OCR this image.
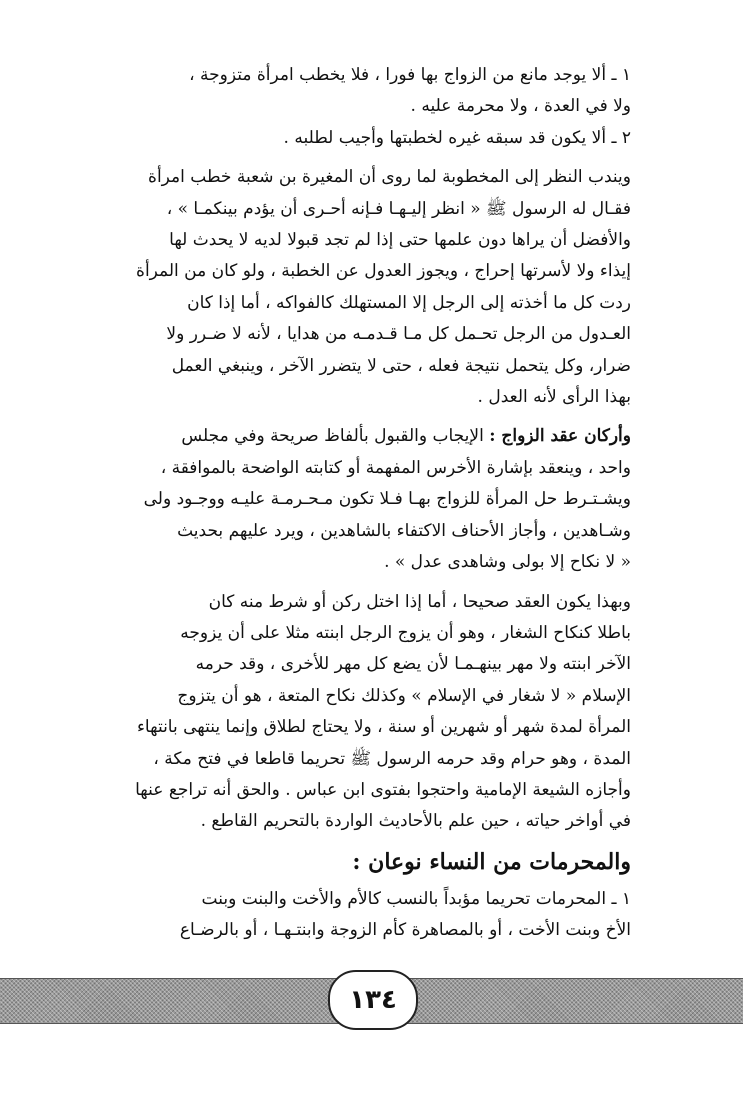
١ ـ ألا يوجد مانع من الزواج بها فورا ، فلا يخطب امرأة متزوجة ،
ولا في العدة ، ولا محرمة عليه .
٢ ـ ألا يكون قد سبقه غيره لخطبتها وأجيب لطلبه .
ويندب النظر إلى المخطوبة لما روى أن المغيرة بن شعبة خطب امرأة
فقـال له الرسول ﷺ « انظر إليـهـا فـإنه أحـرى أن يؤدم بينكمـا » ،
والأفضل أن يراها دون علمها حتى إذا لم تجد قبولا لديه لا يحدث لها
إيذاء ولا لأسرتها إحراج ، ويجوز العدول عن الخطبة ، ولو كان من المرأة
ردت كل ما أخذته إلى الرجل إلا المستهلك كالفواكه ، أما إذا كان
العـدول من الرجل تحـمل كل مـا قـدمـه من هدايا ، لأنه لا ضـرر ولا
ضرار، وكل يتحمل نتيجة فعله ، حتى لا يتضرر الآخر ، وينبغي العمل
بهذا الرأى لأنه العدل .
وأركان عقد الزواج : الإيجاب والقبول بألفاظ صريحة وفي مجلس
واحد ، وينعقد بإشارة الأخرس المفهمة أو كتابته الواضحة بالموافقة ،
ويشـتـرط حل المرأة للزواج بهـا فـلا تكون مـحـرمـة عليـه ووجـود ولى
وشـاهدين ، وأجاز الأحناف الاكتفاء بالشاهدين ، ويرد عليهم بحديث
« لا نكاح إلا بولى وشاهدى عدل » .
وبهذا يكون العقد صحيحا ، أما إذا اختل ركن أو شرط منه كان
باطلا كنكاح الشغار ، وهو أن يزوج الرجل ابنته مثلا على أن يزوجه
الآخر ابنته ولا مهر بينهـمـا لأن يضع كل مهر للأخرى ، وقد حرمه
الإسلام « لا شغار في الإسلام » وكذلك نكاح المتعة ، هو أن يتزوج
المرأة لمدة شهر أو شهرين أو سنة ، ولا يحتاج لطلاق وإنما ينتهى بانتهاء
المدة ، وهو حرام وقد حرمه الرسول ﷺ تحريما قاطعا في فتح مكة ،
وأجازه الشيعة الإمامية واحتجوا بفتوى ابن عباس . والحق أنه تراجع عنها
في أواخر حياته ، حين علم بالأحاديث الواردة بالتحريم القاطع .
والمحرمات من النساء نوعان :
١ ـ المحرمات تحريما مؤبداً بالنسب كالأم والأخت والبنت وبنت
الأخ وبنت الأخت ، أو بالمصاهرة كأم الزوجة وابنتـهـا ، أو بالرضـاع
١٣٤
